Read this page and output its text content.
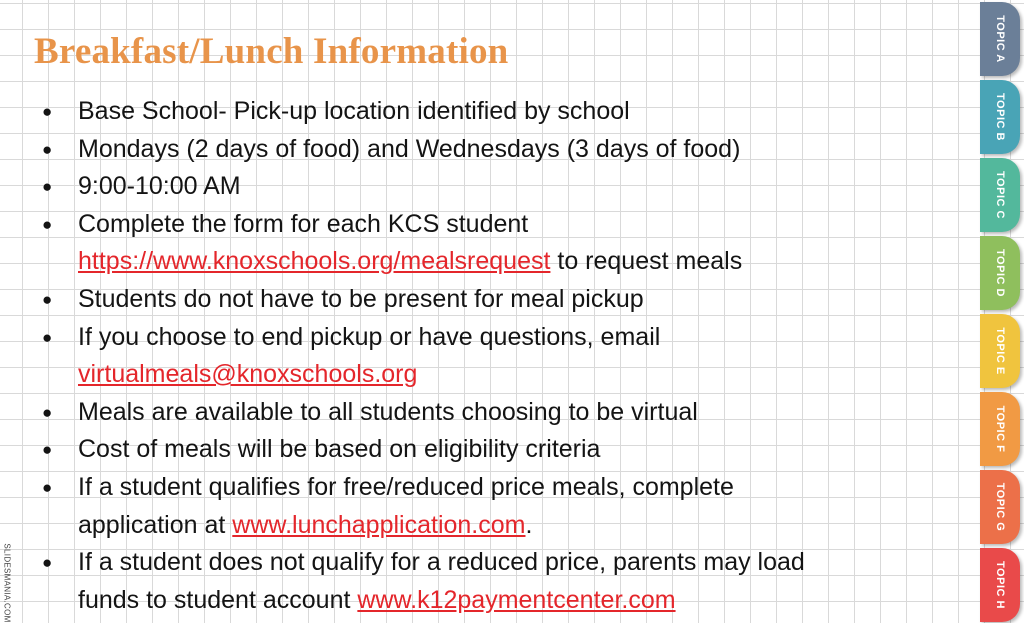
Breakfast/Lunch Information
● Base School- Pick-up location identified by school
● Mondays (2 days of food) and Wednesdays (3 days of food)
● 9:00-10:00 AM
● Complete the form for each KCS student
https://www.knoxschools.org/mealsrequest to request meals
● Students do not have to be present for meal pickup
● If you choose to end pickup or have questions, email
virtualmeals@knoxschools.org
● Meals are available to all students choosing to be virtual
● Cost of meals will be based on eligibility criteria
● If a student qualifies for free/reduced price meals, complete
application at www.lunchapplication.com.
● If a student does not qualify for a reduced price, parents may load
funds to student account www.k12paymentcenter.com
TOPIC A
TOPIC B
TOPIC C
TOPIC D
TOPIC E
TOPIC F
TOPIC G
TOPIC H
SLIDESMANIA.COM
